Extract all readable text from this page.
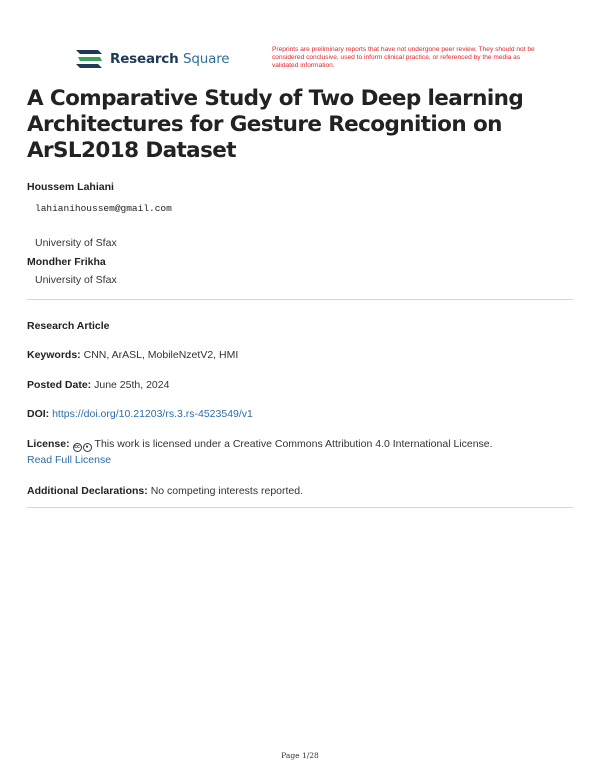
Research Square
Preprints are preliminary reports that have not undergone peer review. They should not be considered conclusive, used to inform clinical practice, or referenced by the media as validated information.
A Comparative Study of Two Deep learning Architectures for Gesture Recognition on ArSL2018 Dataset
Houssem Lahiani
lahianihoussem@gmail.com
University of Sfax
Mondher Frikha
University of Sfax
Research Article
Keywords: CNN, ArASL, MobileNzetV2, HMI
Posted Date: June 25th, 2024
DOI: https://doi.org/10.21203/rs.3.rs-4523549/v1
License: cc	● This work is licensed under a Creative Commons Attribution 4.0 International License.
Read Full License
Additional Declarations: No competing interests reported.
Page 1/28
